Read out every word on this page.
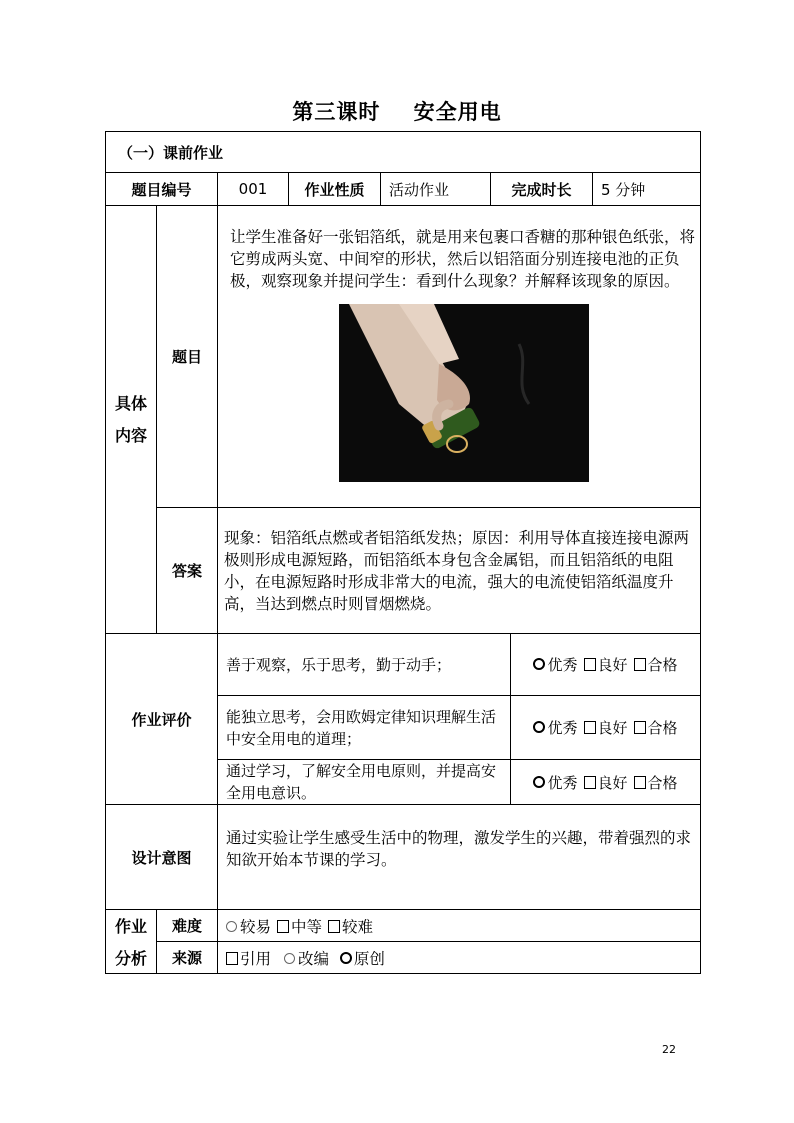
第三课时    安全用电
（一）课前作业							
题目编号		001	作业性质	活动作业	完成时长		5 分钟

具体
内容	题目	让学生准备好一张铝箔纸，就是用来包裹口香糖的那种银色纸张，将它剪成两头宽、中间窄的形状，然后以铝箔面分别连接电池的正负极，观察现象并提问学生：看到什么现象？并解释该现象的原因。					

	答案	现象：铝箔纸点燃或者铝箔纸发热；原因：利用导体直接连接电源两极则形成电源短路，而铝箔纸本身包含金属铝，而且铝箔纸的电阻小，在电源短路时形成非常大的电流，强大的电流使铝箔纸温度升高，当达到燃点时则冒烟燃烧。					

作业评价		善于观察，乐于思考，勤于动手；				优秀 良好 合格	
		能独立思考，会用欧姆定律知识理解生活中安全用电的道理；				优秀 良好 合格	
		通过学习，了解安全用电原则，并提高安全用电意识。				优秀 良好 合格	
设计意图		通过实验让学生感受生活中的物理，激发学生的兴趣，带着强烈的求知欲开始本节课的学习。					

作业	难度	较易 中等 较难					
分析	来源	引用 改编 原创					
22
